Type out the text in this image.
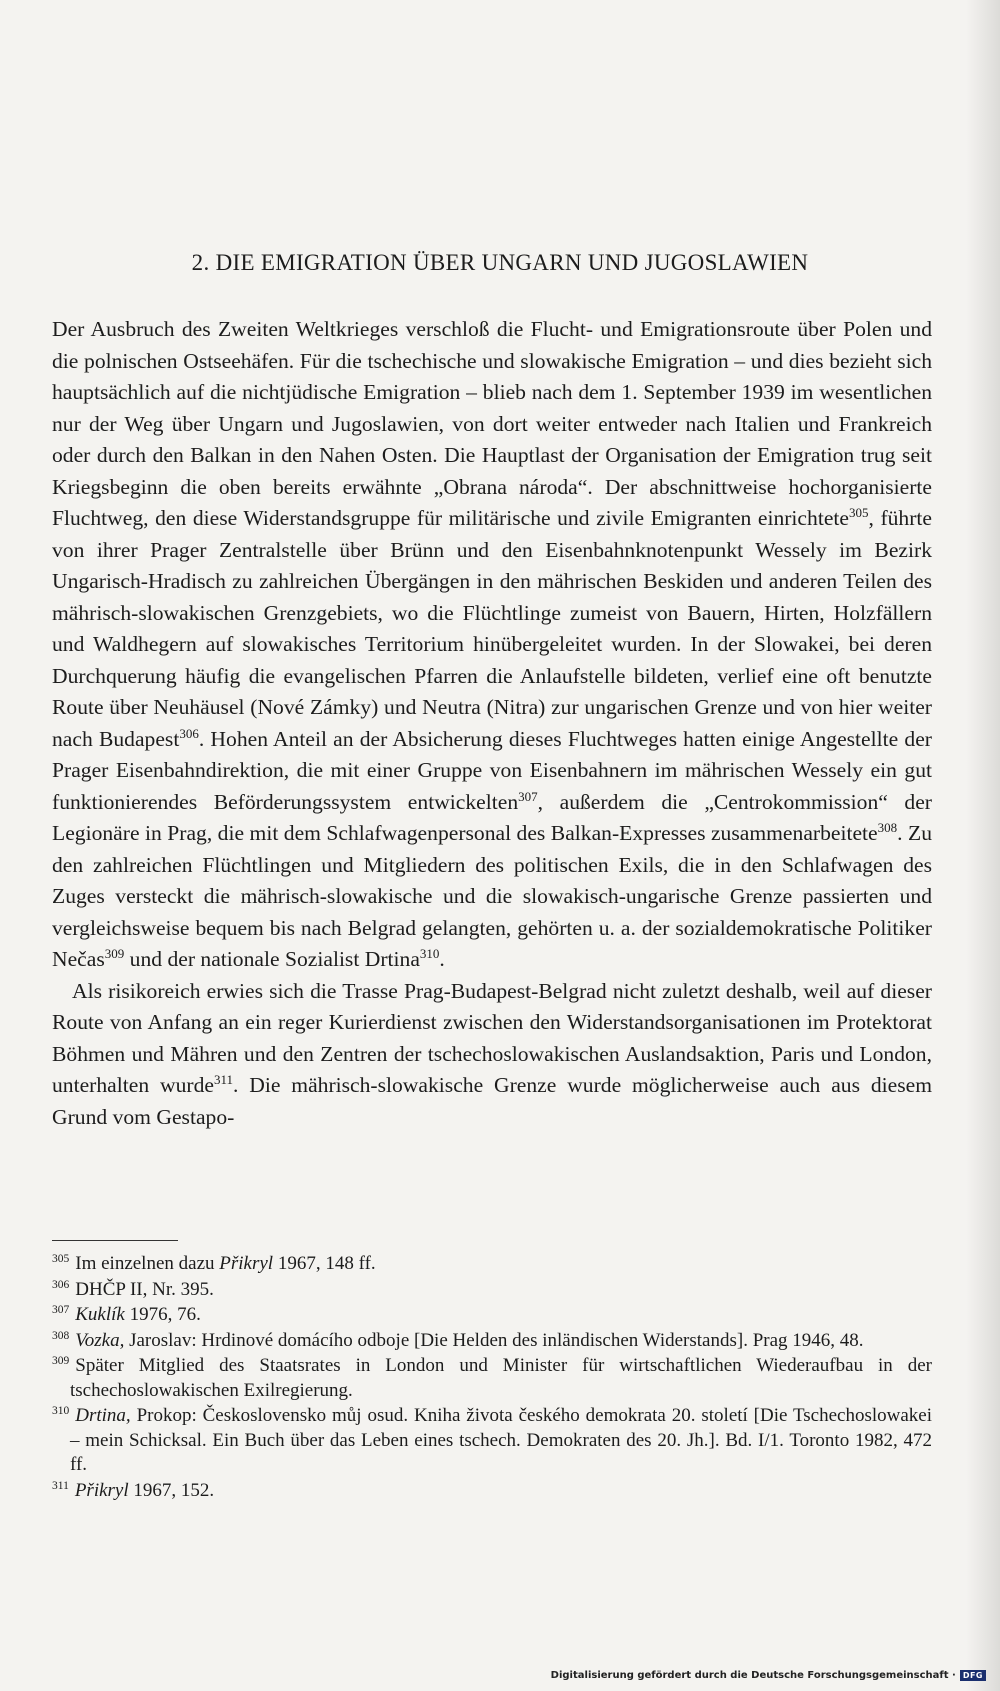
2. DIE EMIGRATION ÜBER UNGARN UND JUGOSLAWIEN

Der Ausbruch des Zweiten Weltkrieges verschloß die Flucht- und Emigrationsroute über Polen und die polnischen Ostseehäfen. Für die tschechische und slowakische Emigration – und dies bezieht sich hauptsächlich auf die nichtjüdische Emigration – blieb nach dem 1. September 1939 im wesentlichen nur der Weg über Ungarn und Jugoslawien, von dort weiter entweder nach Italien und Frankreich oder durch den Balkan in den Nahen Osten. Die Hauptlast der Organisation der Emigration trug seit Kriegsbeginn die oben bereits erwähnte „Obrana národa“. Der abschnittweise hochorganisierte Fluchtweg, den diese Widerstandsgruppe für militärische und zivile Emigranten einrichtete$^{305}$, führte von ihrer Prager Zentralstelle über Brünn und den Eisenbahnknotenpunkt Wessely im Bezirk Ungarisch-Hradisch zu zahlreichen Übergängen in den mährischen Beskiden und anderen Teilen des mährisch-slowakischen Grenzgebiets, wo die Flüchtlinge zumeist von Bauern, Hirten, Holzfällern und Waldhegern auf slowakisches Territorium hinübergeleitet wurden. In der Slowakei, bei deren Durchquerung häufig die evangelischen Pfarren die Anlaufstelle bildeten, verlief eine oft benutzte Route über Neuhäusel (Nové Zámky) und Neutra (Nitra) zur ungarischen Grenze und von hier weiter nach Budapest$^{306}$. Hohen Anteil an der Absicherung dieses Fluchtweges hatten einige Angestellte der Prager Eisenbahndirektion, die mit einer Gruppe von Eisenbahnern im mährischen Wessely ein gut funktionierendes Beförderungssystem entwickelten$^{307}$, außerdem die „Centrokommission“ der Legionäre in Prag, die mit dem Schlafwagenpersonal des Balkan-Expresses zusammenarbeitete$^{308}$. Zu den zahlreichen Flüchtlingen und Mitgliedern des politischen Exils, die in den Schlafwagen des Zuges versteckt die mährisch-slowakische und die slowakisch-ungarische Grenze passierten und vergleichsweise bequem bis nach Belgrad gelangten, gehörten u. a. der sozialdemokratische Politiker Nečas$^{309}$ und der nationale Sozialist Drtina$^{310}$.

Als risikoreich erwies sich die Trasse Prag-Budapest-Belgrad nicht zuletzt deshalb, weil auf dieser Route von Anfang an ein reger Kurierdienst zwischen den Widerstandsorganisationen im Protektorat Böhmen und Mähren und den Zentren der tschechoslowakischen Auslandsaktion, Paris und London, unterhalten wurde$^{311}$. Die mährisch-slowakische Grenze wurde möglicherweise auch aus diesem Grund vom Gestapo-

$^{305}$ Im einzelnen dazu Přikryl 1967, 148 ff.
$^{306}$ DHČP II, Nr. 395.
$^{307}$ Kuklík 1976, 76.
$^{308}$ Vozka, Jaroslav: Hrdinové domácího odboje [Die Helden des inländischen Widerstands]. Prag 1946, 48.
$^{309}$ Später Mitglied des Staatsrates in London und Minister für wirtschaftlichen Wiederaufbau in der tschechoslowakischen Exilregierung.
$^{310}$ Drtina, Prokop: Československo můj osud. Kniha života českého demokrata 20. století [Die Tschechoslowakei – mein Schicksal. Ein Buch über das Leben eines tschech. Demokraten des 20. Jh.]. Bd. I/1. Toronto 1982, 472 ff.
$^{311}$ Přikryl 1967, 152.
Digitalisierung gefördert durch die Deutsche Forschungsgemeinschaft · DFG
